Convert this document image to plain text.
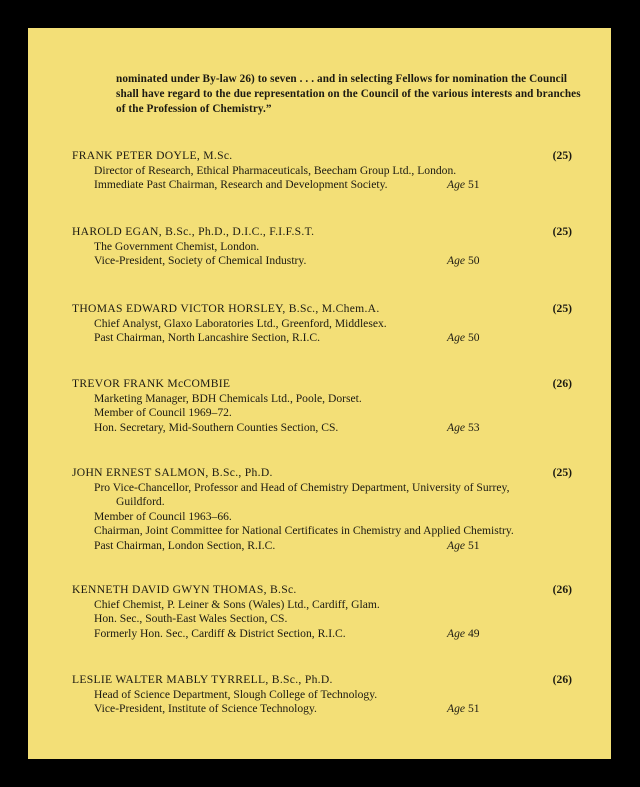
nominated under By-law 26) to seven . . . and in selecting Fellows for nomination the Council shall have regard to the due representation on the Council of the various interests and branches of the Profession of Chemistry.”
FRANK PETER DOYLE, M.Sc.	(25)
Director of Research, Ethical Pharmaceuticals, Beecham Group Ltd., London.
Immediate Past Chairman, Research and Development Society.	Age 51
HAROLD EGAN, B.Sc., Ph.D., D.I.C., F.I.F.S.T.	(25)
The Government Chemist, London.
Vice-President, Society of Chemical Industry.	Age 50
THOMAS EDWARD VICTOR HORSLEY, B.Sc., M.Chem.A.	(25)
Chief Analyst, Glaxo Laboratories Ltd., Greenford, Middlesex.
Past Chairman, North Lancashire Section, R.I.C.	Age 50
TREVOR FRANK McCOMBIE	(26)
Marketing Manager, BDH Chemicals Ltd., Poole, Dorset.
Member of Council 1969–72.
Hon. Secretary, Mid-Southern Counties Section, CS.	Age 53
JOHN ERNEST SALMON, B.Sc., Ph.D.	(25)
Pro Vice-Chancellor, Professor and Head of Chemistry Department, University of Surrey,
Guildford.
Member of Council 1963–66.
Chairman, Joint Committee for National Certificates in Chemistry and Applied Chemistry.
Past Chairman, London Section, R.I.C.	Age 51
KENNETH DAVID GWYN THOMAS, B.Sc.	(26)
Chief Chemist, P. Leiner & Sons (Wales) Ltd., Cardiff, Glam.
Hon. Sec., South-East Wales Section, CS.
Formerly Hon. Sec., Cardiff & District Section, R.I.C.	Age 49
LESLIE WALTER MABLY TYRRELL, B.Sc., Ph.D.	(26)
Head of Science Department, Slough College of Technology.
Vice-President, Institute of Science Technology.	Age 51
